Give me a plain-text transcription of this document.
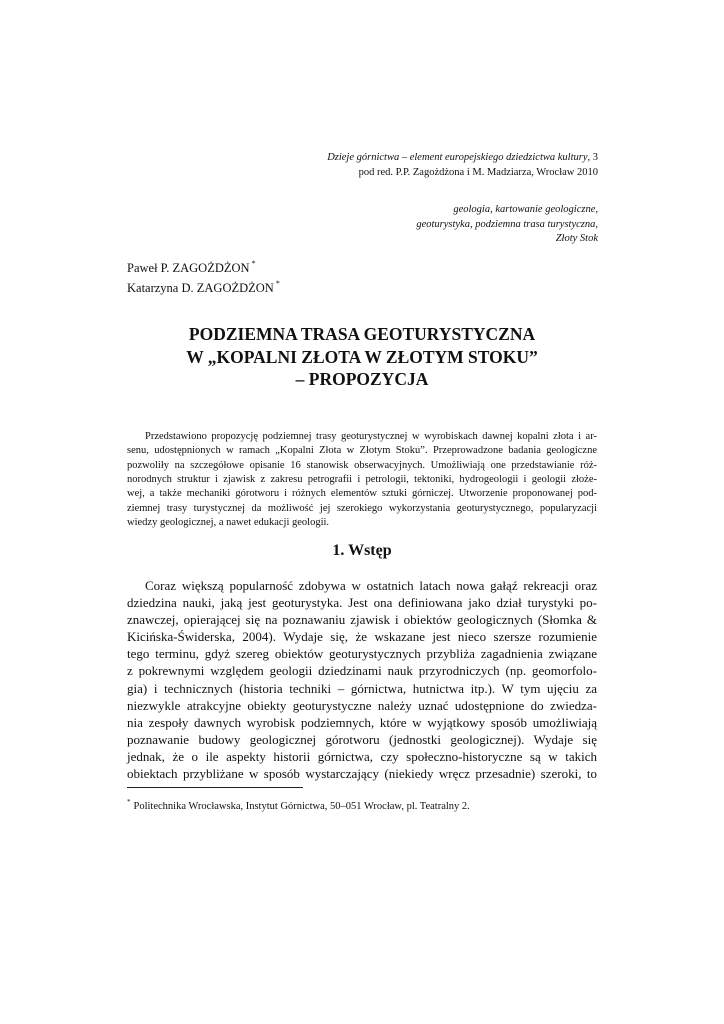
Dzieje górnictwa – element europejskiego dziedzictwa kultury, 3
pod red. P.P. Zagożdżona i M. Madziarza, Wrocław 2010
geologia, kartowanie geologiczne,
geoturystyka, podziemna trasa turystyczna,
Złoty Stok
Paweł P. ZAGOŻDŻON *
Katarzyna D. ZAGOŻDŻON *
PODZIEMNA TRASA GEOTURYSTYCZNA
W „KOPALNI ZŁOTA W ZŁOTYM STOKU”
– PROPOZYCJA
Przedstawiono propozycję podziemnej trasy geoturystycznej w wyrobiskach dawnej kopalni złota i ar-
senu, udostępnionych w ramach „Kopalni Złota w Złotym Stoku”. Przeprowadzone badania geologiczne
pozwoliły na szczegółowe opisanie 16 stanowisk obserwacyjnych. Umożliwiają one przedstawianie róż-
norodnych struktur i zjawisk z zakresu petrografii i petrologii, tektoniki, hydrogeologii i geologii złoże-
wej, a także mechaniki górotworu i różnych elementów sztuki górniczej. Utworzenie proponowanej pod-
ziemnej trasy turystycznej da możliwość jej szerokiego wykorzystania geoturystycznego, popularyzacji
wiedzy geologicznej, a nawet edukacji geologii.
1. Wstęp
Coraz większą popularność zdobywa w ostatnich latach nowa gałąź rekreacji oraz
dziedzina nauki, jaką jest geoturystyka. Jest ona definiowana jako dział turystyki po-
znawczej, opierającej się na poznawaniu zjawisk i obiektów geologicznych (Słomka &
Kicińska-Świderska, 2004). Wydaje się, że wskazane jest nieco szersze rozumienie
tego terminu, gdyż szereg obiektów geoturystycznych przybliża zagadnienia związane
z pokrewnymi względem geologii dziedzinami nauk przyrodniczych (np. geomorfolo-
gia) i technicznych (historia techniki – górnictwa, hutnictwa itp.). W tym ujęciu za
niezwykle atrakcyjne obiekty geoturystyczne należy uznać udostępnione do zwiedza-
nia zespoły dawnych wyrobisk podziemnych, które w wyjątkowy sposób umożliwiają
poznawanie budowy geologicznej górotworu (jednostki geologicznej). Wydaje się
jednak, że o ile aspekty historii górnictwa, czy społeczno-historyczne są w takich
obiektach przybliżane w sposób wystarczający (niekiedy wręcz przesadnie) szeroki, to
* Politechnika Wrocławska, Instytut Górnictwa, 50–051 Wrocław, pl. Teatralny 2.
